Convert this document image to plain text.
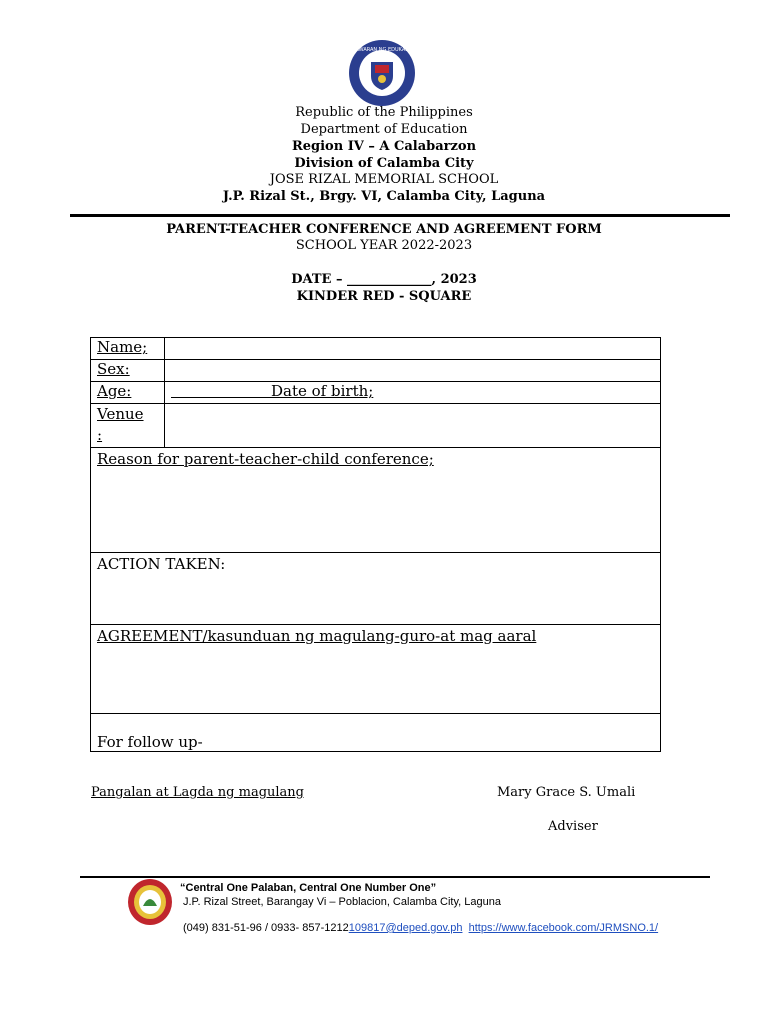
KAGAWARAN NG EDUKASYON
Republic of the Philippines
Department of Education
Region IV – A Calabarzon
Division of Calamba City
JOSE RIZAL MEMORIAL SCHOOL
J.P. Rizal St., Brgy. VI, Calamba City, Laguna
PARENT-TEACHER CONFERENCE AND AGREEMENT FORM
SCHOOL YEAR 2022-2023
DATE – _____________, 2023
KINDER RED - SQUARE
Name;	
Sex:	
Age:	Date of birth;

Venue
:	

Reason for parent-teacher-child conference;	
ACTION TAKEN:	
AGREEMENT/kasunduan ng magulang-guro-at mag aaral	
For follow up-	
Pangalan at Lagda ng magulang	Mary Grace S. Umali
Adviser
“Central One Palaban, Central One Number One”
J.P. Rizal Street, Barangay Vi – Poblacion, Calamba City, Laguna
(049) 831-51-96 / 0933- 857-1212109817@deped.gov.ph https://www.facebook.com/JRMSNO.1/
